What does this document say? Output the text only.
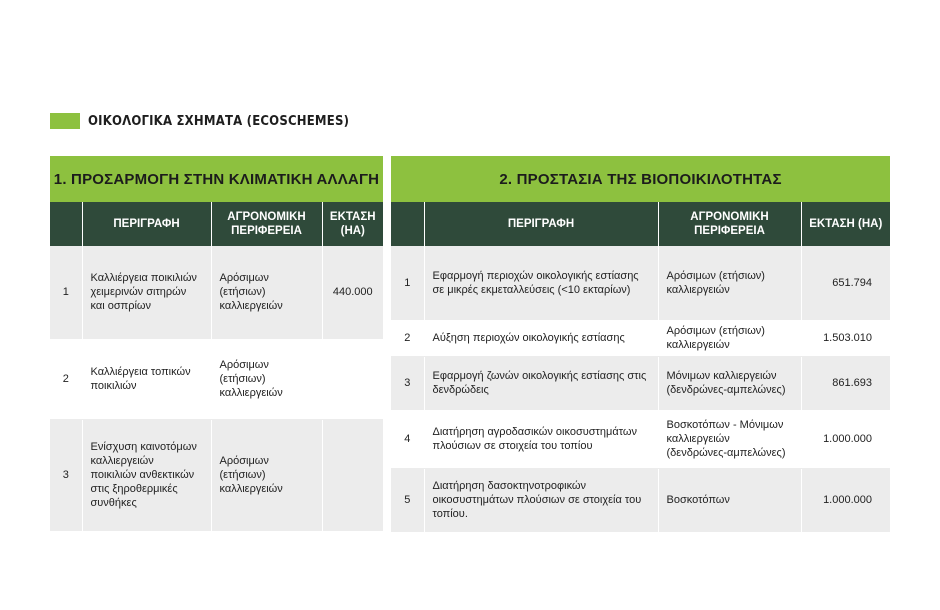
ΟΙΚΟΛΟΓΙΚΑ ΣΧΗΜΑΤΑ (ECOSCHEMES)
1. ΠΡΟΣΑΡΜΟΓΗ ΣΤΗΝ ΚΛΙΜΑΤΙΚΗ ΑΛΛΑΓΗ
	ΠΕΡΙΓΡΑΦΗ	ΑΓΡΟΝΟΜΙΚΗ ΠΕΡΙΦΕΡΕΙΑ	ΕΚΤΑΣΗ (HA)
1	Καλλιέργεια ποικιλιών χειμερινών σιτηρών και οσπρίων	Αρόσιμων (ετήσιων) καλλιεργειών	440.000
2	Καλλιέργεια τοπικών ποικιλιών	Αρόσιμων (ετήσιων) καλλιεργειών	
3	Ενίσχυση καινοτόμων καλλιεργειών ποικιλιών ανθεκτικών στις ξηροθερμικές συνθήκες	Αρόσιμων (ετήσιων) καλλιεργειών	
2. ΠΡΟΣΤΑΣΙΑ ΤΗΣ ΒΙΟΠΟΙΚΙΛΟΤΗΤΑΣ
	ΠΕΡΙΓΡΑΦΗ	ΑΓΡΟΝΟΜΙΚΗ ΠΕΡΙΦΕΡΕΙΑ	ΕΚΤΑΣΗ (HA)
1	Εφαρμογή περιοχών οικολογικής εστίασης σε μικρές εκμεταλλεύσεις (<10 εκταρίων)	Αρόσιμων (ετήσιων) καλλιεργειών	651.794
2	Αύξηση περιοχών οικολογικής εστίασης	Αρόσιμων (ετήσιων) καλλιεργειών	1.503.010
3	Εφαρμογή ζωνών οικολογικής εστίασης στις δενδρώδεις	Μόνιμων καλλιεργειών (δενδρώνες-αμπελώνες)	861.693
4	Διατήρηση αγροδασικών οικοσυστημάτων πλούσιων σε στοιχεία του τοπίου	Βοσκοτόπων - Μόνιμων καλλιεργειών (δενδρώνες-αμπελώνες)	1.000.000
5	Διατήρηση δασοκτηνοτροφικών οικοσυστημάτων πλούσιων σε στοιχεία του τοπίου.	Βοσκοτόπων	1.000.000
